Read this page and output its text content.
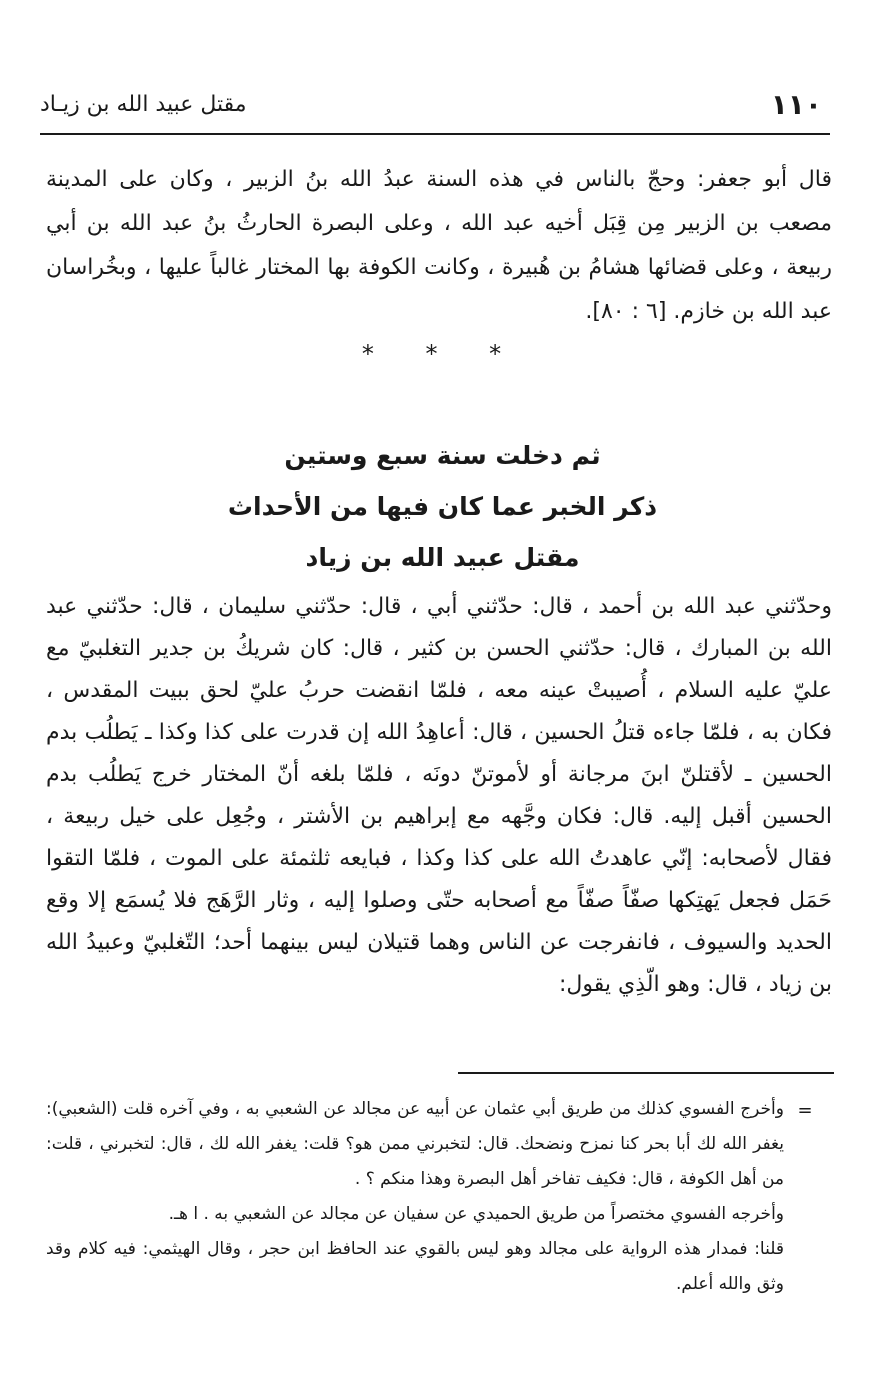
١١٠
مقتل عبيد الله بن زيـاد

قال أبو جعفر: وحجّ بالناس في هذه السنة عبدُ الله بنُ الزبير ، وكان على المدينة مصعب بن الزبير مِن قِبَل أخيه عبد الله ، وعلى البصرة الحارثُ بنُ عبد الله بن أبي ربيعة ، وعلى قضائها هشامُ بن هُبيرة ، وكانت الكوفة بها المختار غالباً عليها ، وبخُراسان عبد الله بن خازم. [٦ : ٨٠].

* * *
ثم دخلت سنة سبع وستين
ذكر الخبر عما كان فيها من الأحداث
مقتل عبيد الله بن زياد

وحدّثني عبد الله بن أحمد ، قال: حدّثني أبي ، قال: حدّثني سليمان ، قال: حدّثني عبد الله بن المبارك ، قال: حدّثني الحسن بن كثير ، قال: كان شريكُ بن جدير التغلبيّ مع عليّ عليه السلام ، أُصيبتْ عينه معه ، فلمّا انقضت حربُ عليّ لحق ببيت المقدس ، فكان به ، فلمّا جاءه قتلُ الحسين ، قال: أعاهِدُ الله إن قدرت على كذا وكذا ـ يَطلُب بدم الحسين ـ لأقتلنّ ابنَ مرجانة أو لأموتنّ دونَه ، فلمّا بلغه أنّ المختار خرج يَطلُب بدم الحسين أقبل إليه. قال: فكان وجَّهه مع إبراهيم بن الأشتر ، وجُعِل على خيل ربيعة ، فقال لأصحابه: إنّي عاهدتُ الله على كذا وكذا ، فبايعه ثلثمئة على الموت ، فلمّا التقوا حَمَل فجعل يَهتِكها صفّاً صفّاً مع أصحابه حتّى وصلوا إليه ، وثار الرَّهَج فلا يُسمَع إلا وقع الحديد والسيوف ، فانفرجت عن الناس وهما قتيلان ليس بينهما أحد؛ التّغلبيّ وعبيدُ الله بن زياد ، قال: وهو الّذِي يقول:

=

وأخرج الفسوي كذلك من طريق أبي عثمان عن أبيه عن مجالد عن الشعبي به ، وفي آخره قلت (الشعبي): يغفر الله لك أبا بحر كنا نمزح ونضحك. قال: لتخبرني ممن هو؟ قلت: يغفر الله لك ، قال: لتخبرني ، قلت: من أهل الكوفة ، قال: فكيف تفاخر أهل البصرة وهذا منكم ؟ .

وأخرجه الفسوي مختصراً من طريق الحميدي عن سفيان عن مجالد عن الشعبي به . ا هـ.

قلنا: فمدار هذه الرواية على مجالد وهو ليس بالقوي عند الحافظ ابن حجر ، وقال الهيثمي: فيه كلام وقد وثق والله أعلم.
